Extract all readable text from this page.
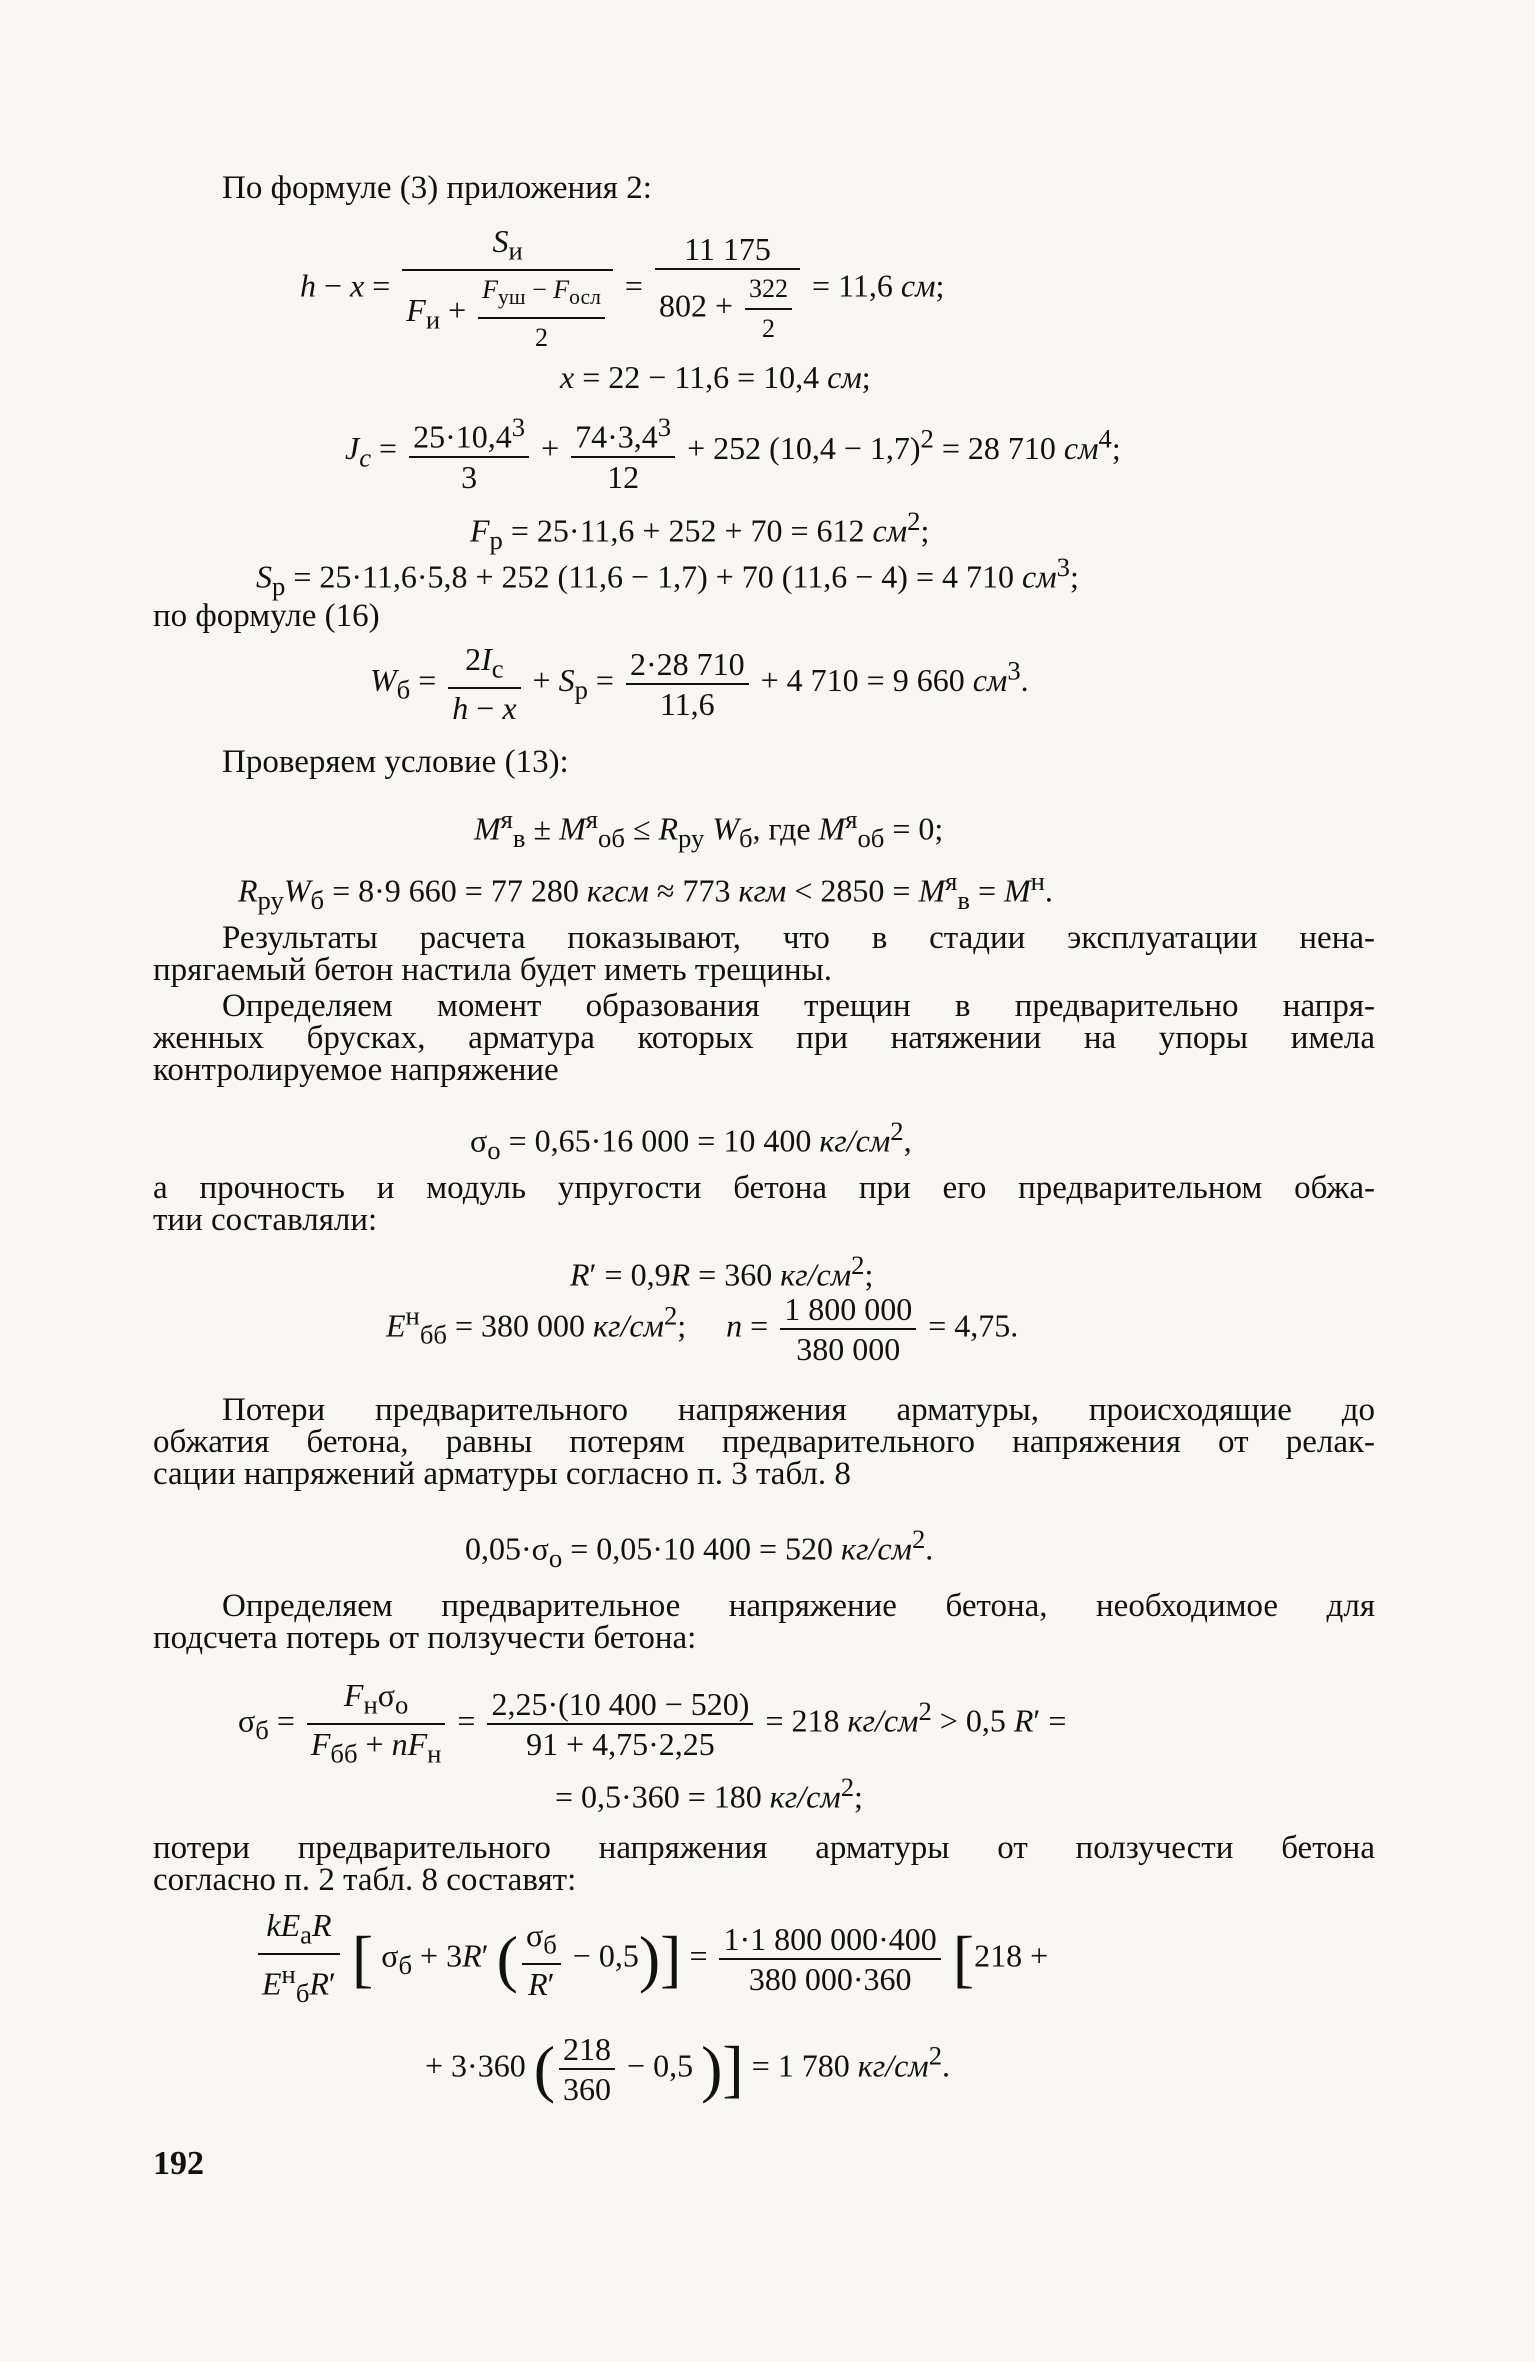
По формуле (3) приложения 2:
$h - x = \frac{S_и}{F_и + \frac{F_{уш} - F_{осл}}{2}} = \frac{11 175}{802 + \frac{322}{2}} = 11,6$ см;
x = 22 − 11,6 = 10,4 см;
$J_c = \frac{25\cdot 10,4^3}{3} + \frac{74\cdot 3,4^3}{12} + 252$ $(10,4 - 1,7)^2 = 28$ 710 $см^4$;
$F_р = 25\cdot 11,6 + 252 + 70 = 612$ $см^2$;
$S_р = 25\cdot 11,6\cdot 5,8 + 252$ (11,6 − 1,7) + 70 (11,6 − 4) = 4 710 $см^3$;
по формуле (16)
$W_б = \frac{2I_c}{h - x} + S_р = \frac{2\cdot 28 710}{11,6} + 4$ 710 = 9 660 $см^3$.
Проверяем условие (13):
$M^я_в \pm M^я_{об} \le R_{ру}$ $W_б$, где $M^я_{об} = 0$;
$R_{ру}W_б = 8\cdot 9$ 660 = 77 280 кгсм ≈ 773 кгм < $2850 = M^я_в = M^н$.
Результаты расчета показывают, что в стадии эксплуатации нена-
прягаемый бетон настила будет иметь трещины.
Определяем момент образования трещин в предварительно напря-
женных брусках, арматура которых при натяжении на упоры имела
контролируемое напряжение
$\sigma_о = 0,65\cdot 16$ 000 = 10 400 $кг/см^2$,
а прочность и модуль упругости бетона при его предварительном обжа-
тии составляли:
R′ = 0,9R = 360 $кг/см^2$;
$E^н_{бб} = 380$ 000 $кг/см^2$;     $n = \frac{1 800 000}{380 000} = 4,75$.
Потери предварительного напряжения арматуры, происходящие до
обжатия бетона, равны потерям предварительного напряжения от релак-
сации напряжений арматуры согласно п. 3 табл. 8
$0,05\cdot\sigma_о = 0,05\cdot 10$ 400 = 520 $кг/см^2$.
Определяем предварительное напряжение бетона, необходимое для
подсчета потерь от ползучести бетона:
$\sigma_б = \frac{F_н\sigma_о}{F_{бб} + nF_н} = \frac{2,25\cdot(10 400 - 520)}{91 + 4,75\cdot 2,25} = 218$ $кг/см^2 > 0,5$ R′ =
= 0,5·360 = 180 $кг/см^2$;
потери предварительного напряжения арматуры от ползучести бетона
согласно п. 2 табл. 8 составят:
$\frac{kE_aR}{E^н_бR'}$ [ $\sigma_б + 3R'$ ( $\frac{\sigma_б}{R'} - 0,5)] = \frac{1\cdot 1 800 000\cdot 400}{380 000\cdot 360} [218$ +
+ 3·360 ( $\frac{218}{360} - 0,5$ )] = 1 780 $кг/см^2$.
192
